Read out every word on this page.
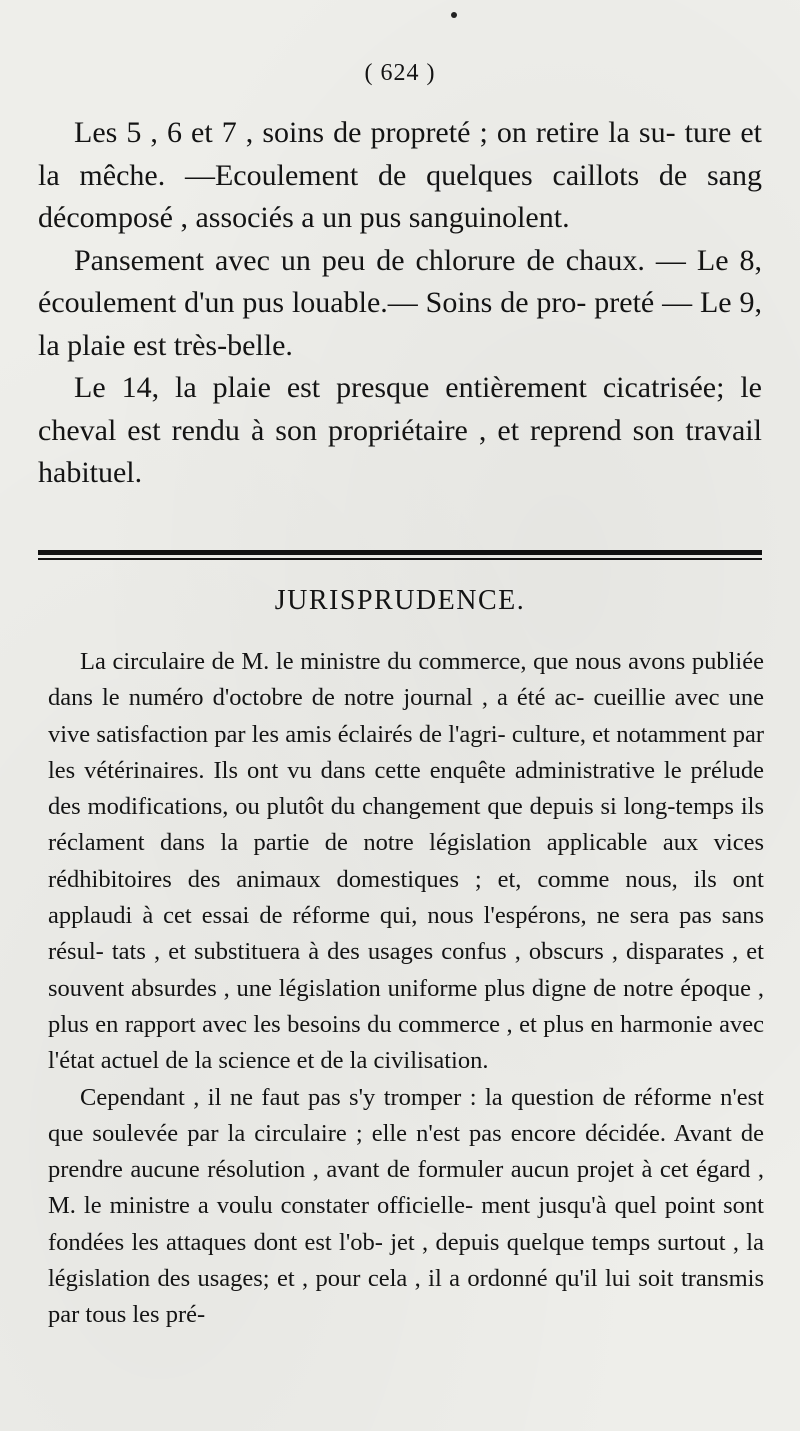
( 624 )

Les 5 , 6 et 7 , soins de propreté ; on retire la su- ture et la mêche. —Ecoulement de quelques caillots de sang décomposé , associés a un pus sanguinolent.

Pansement avec un peu de chlorure de chaux. — Le 8, écoulement d'un pus louable.— Soins de pro- preté — Le 9, la plaie est très-belle.

Le 14, la plaie est presque entièrement cicatrisée; le cheval est rendu à son propriétaire , et reprend son travail habituel.

JURISPRUDENCE.

La circulaire de M. le ministre du commerce, que nous avons publiée dans le numéro d'octobre de notre journal , a été ac- cueillie avec une vive satisfaction par les amis éclairés de l'agri- culture, et notamment par les vétérinaires. Ils ont vu dans cette enquête administrative le prélude des modifications, ou plutôt du changement que depuis si long-temps ils réclament dans la partie de notre législation applicable aux vices rédhibitoires des animaux domestiques ; et, comme nous, ils ont applaudi à cet essai de réforme qui, nous l'espérons, ne sera pas sans résul- tats , et substituera à des usages confus , obscurs , disparates , et souvent absurdes , une législation uniforme plus digne de notre époque , plus en rapport avec les besoins du commerce , et plus en harmonie avec l'état actuel de la science et de la civilisation.

Cependant , il ne faut pas s'y tromper : la question de réforme n'est que soulevée par la circulaire ; elle n'est pas encore décidée. Avant de prendre aucune résolution , avant de formuler aucun projet à cet égard , M. le ministre a voulu constater officielle- ment jusqu'à quel point sont fondées les attaques dont est l'ob- jet , depuis quelque temps surtout , la législation des usages; et , pour cela , il a ordonné qu'il lui soit transmis par tous les pré-
